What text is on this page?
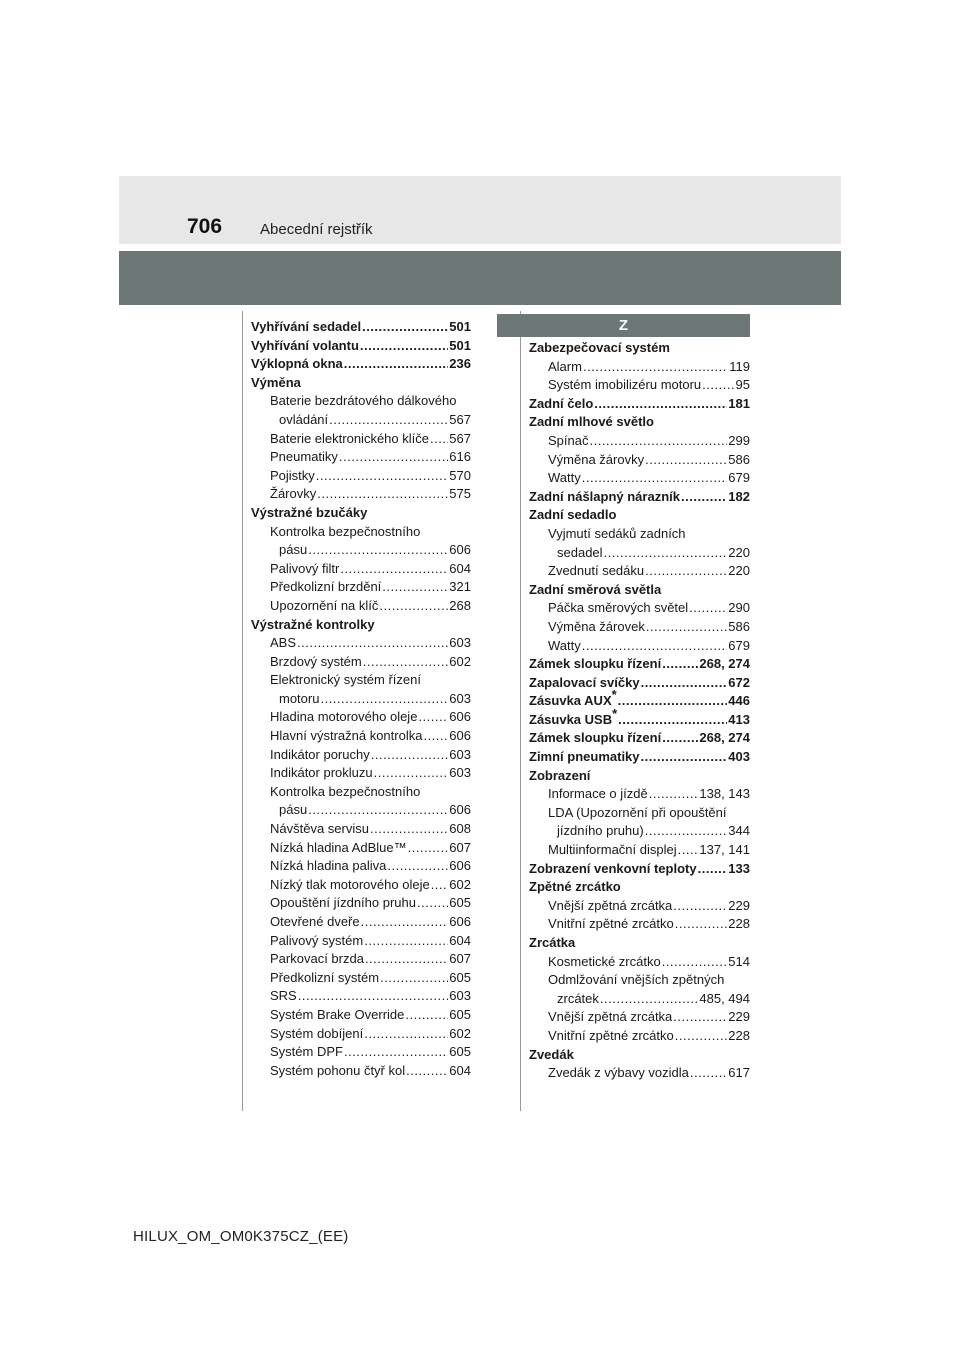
706	Abecední rejstřík
Vyhřívání sedadel .....	501
Vyhřívání volantu .....	501
Výklopná okna .....	236
Výměna
Baterie bezdrátového dálkového
ovládání .....	567
Baterie elektronického klíče ..... 567
Pneumatiky .....	616
Pojistky .....	570
Žárovky .....	575
Výstražné bzučáky
Kontrolka bezpečnostního
pásu .....	606
Palivový filtr .....	604
Předkolizní brzdění .....	321
Upozornění na klíč .....	268
Výstražné kontrolky
ABS .....	603
Brzdový systém .....	602
Elektronický systém řízení
motoru .....	603
Hladina motorového oleje ..... 606
Hlavní výstražná kontrolka ..... 606
Indikátor poruchy .....	603
Indikátor prokluzu .....	603
Kontrolka bezpečnostního
pásu .....	606
Návštěva servisu .....	608
Nízká hladina AdBlue™ .....	607
Nízká hladina paliva .....	606
Nízký tlak motorového oleje ..... 602
Opouštění jízdního pruhu .....	605
Otevřené dveře .....	606
Palivový systém .....	604
Parkovací brzda .....	607
Předkolizní systém .....	605
SRS .....	603
Systém Brake Override .....	605
Systém dobíjení .....	602
Systém DPF .....	605
Systém pohonu čtyř kol .....	604
Z
Zabezpečovací systém
Alarm .....	119
Systém imobilizéru motoru .....	95
Zadní čelo .....	181
Zadní mlhové světlo
Spínač .....	299
Výměna žárovky .....	586
Watty .....	679
Zadní nášlapný nárazník .....	182
Zadní sedadlo
Vyjmutí sedáků zadních
sedadel .....	220
Zvednutí sedáku .....	220
Zadní směrová světla
Páčka směrových světel .....	290
Výměna žárovek .....	586
Watty .....	679
Zámek sloupku řízení .....	268, 274
Zapalovací svíčky .....	672
Zásuvka AUX* .....	446
Zásuvka USB* .....	413
Zámek sloupku řízení .....	268, 274
Zimní pneumatiky .....	403
Zobrazení
Informace o jízdě .....	138, 143
LDA (Upozornění při opouštění
jízdního pruhu) .....	344
Multiinformační displej ..... 137, 141
Zobrazení venkovní teploty ..... 133
Zpětné zrcátko
Vnější zpětná zrcátka .....	229
Vnitřní zpětné zrcátko .....	228
Zrcátka
Kosmetické zrcátko .....	514
Odmlžování vnějších zpětných
zrcátek .....	485, 494
Vnější zpětná zrcátka .....	229
Vnitřní zpětné zrcátko .....	228
Zvedák
Zvedák z výbavy vozidla .....	617
HILUX_OM_OM0K375CZ_(EE)
